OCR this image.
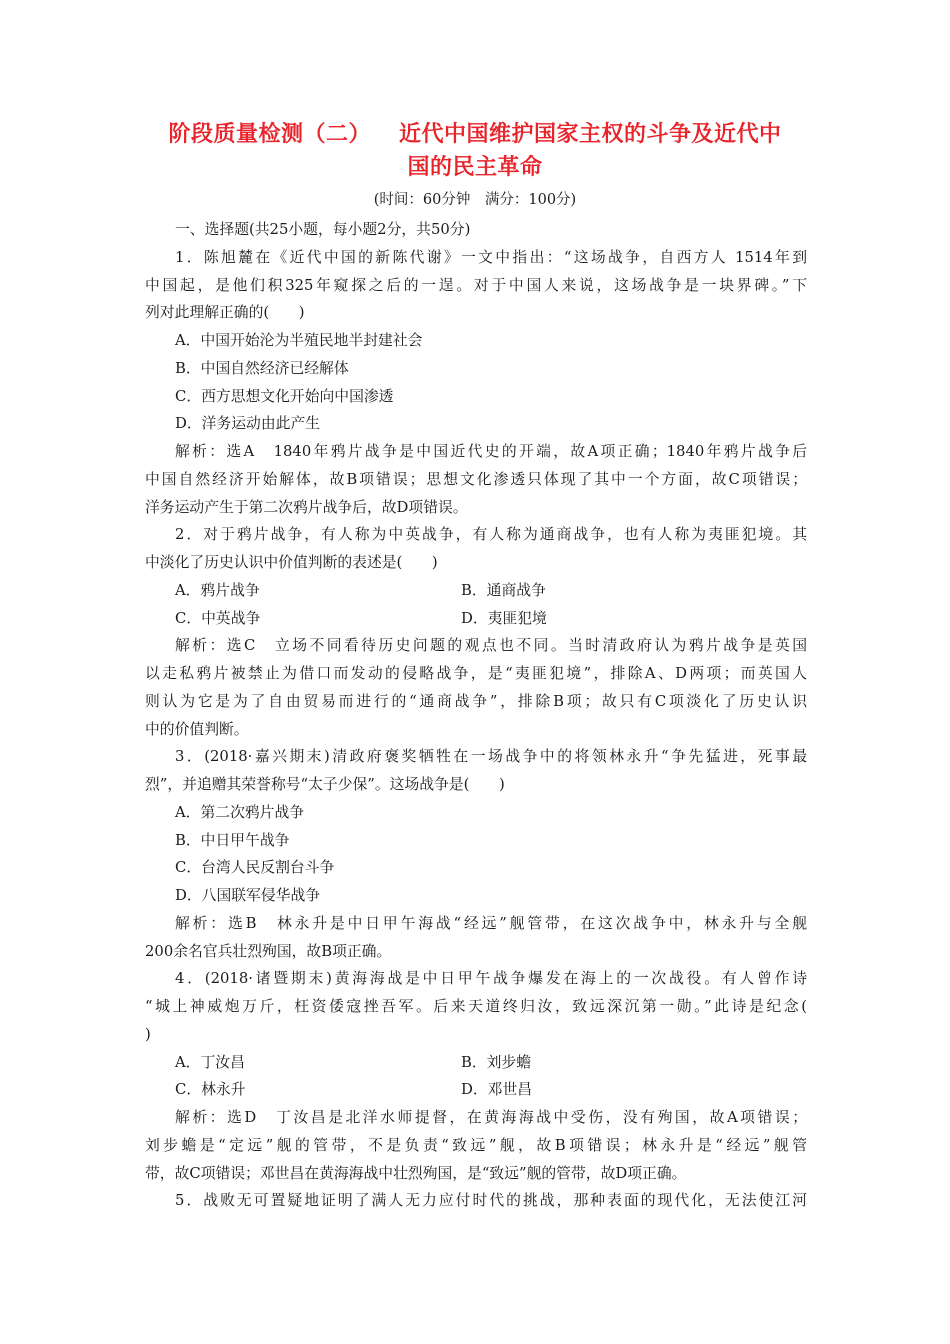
阶段质量检测（二） 近代中国维护国家主权的斗争及近代中
国的民主革命
(时间：60分钟　满分：100分)
一、选择题(共25小题，每小题2分，共50分)
1．陈旭麓在《近代中国的新陈代谢》一文中指出：“这场战争，自西方人 1514年到
中国起，是他们积325年窥探之后的一逞。对于中国人来说，这场战争是一块界碑。”下
列对此理解正确的(　　)
A．中国开始沦为半殖民地半封建社会
B．中国自然经济已经解体
C．西方思想文化开始向中国渗透
D．洋务运动由此产生
解析：选A　1840年鸦片战争是中国近代史的开端，故A项正确；1840年鸦片战争后
中国自然经济开始解体，故B项错误；思想文化渗透只体现了其中一个方面，故C项错误；
洋务运动产生于第二次鸦片战争后，故D项错误。
2．对于鸦片战争，有人称为中英战争，有人称为通商战争，也有人称为夷匪犯境。其
中淡化了历史认识中价值判断的表述是(　　)
A．鸦片战争	B．通商战争
C．中英战争	D．夷匪犯境
解析：选C　立场不同看待历史问题的观点也不同。当时清政府认为鸦片战争是英国
以走私鸦片被禁止为借口而发动的侵略战争，是“夷匪犯境”，排除A、D两项；而英国人
则认为它是为了自由贸易而进行的“通商战争”，排除B项；故只有C项淡化了历史认识
中的价值判断。
3．(2018·嘉兴期末)清政府褒奖牺牲在一场战争中的将领林永升“争先猛进，死事最
烈”，并追赠其荣誉称号“太子少保”。这场战争是(　　)
A．第二次鸦片战争
B．中日甲午战争
C．台湾人民反割台斗争
D．八国联军侵华战争
解析：选B　林永升是中日甲午海战“经远”舰管带，在这次战争中，林永升与全舰
200余名官兵壮烈殉国，故B项正确。
4．(2018·诸暨期末)黄海海战是中日甲午战争爆发在海上的一次战役。有人曾作诗
“城上神威炮万斤，枉资倭寇挫吾军。后来天道终归汝，致远深沉第一勋。”此诗是纪念(
)
A．丁汝昌	B．刘步蟾
C．林永升	D．邓世昌
解析：选D　丁汝昌是北洋水师提督，在黄海海战中受伤，没有殉国，故A项错误；
刘步蟾是“定远”舰的管带，不是负责“致远”舰，故B项错误；林永升是“经远”舰管
带，故C项错误；邓世昌在黄海海战中壮烈殉国，是“致远”舰的管带，故D项正确。
5．战败无可置疑地证明了满人无力应付时代的挑战，那种表面的现代化，无法使江河
